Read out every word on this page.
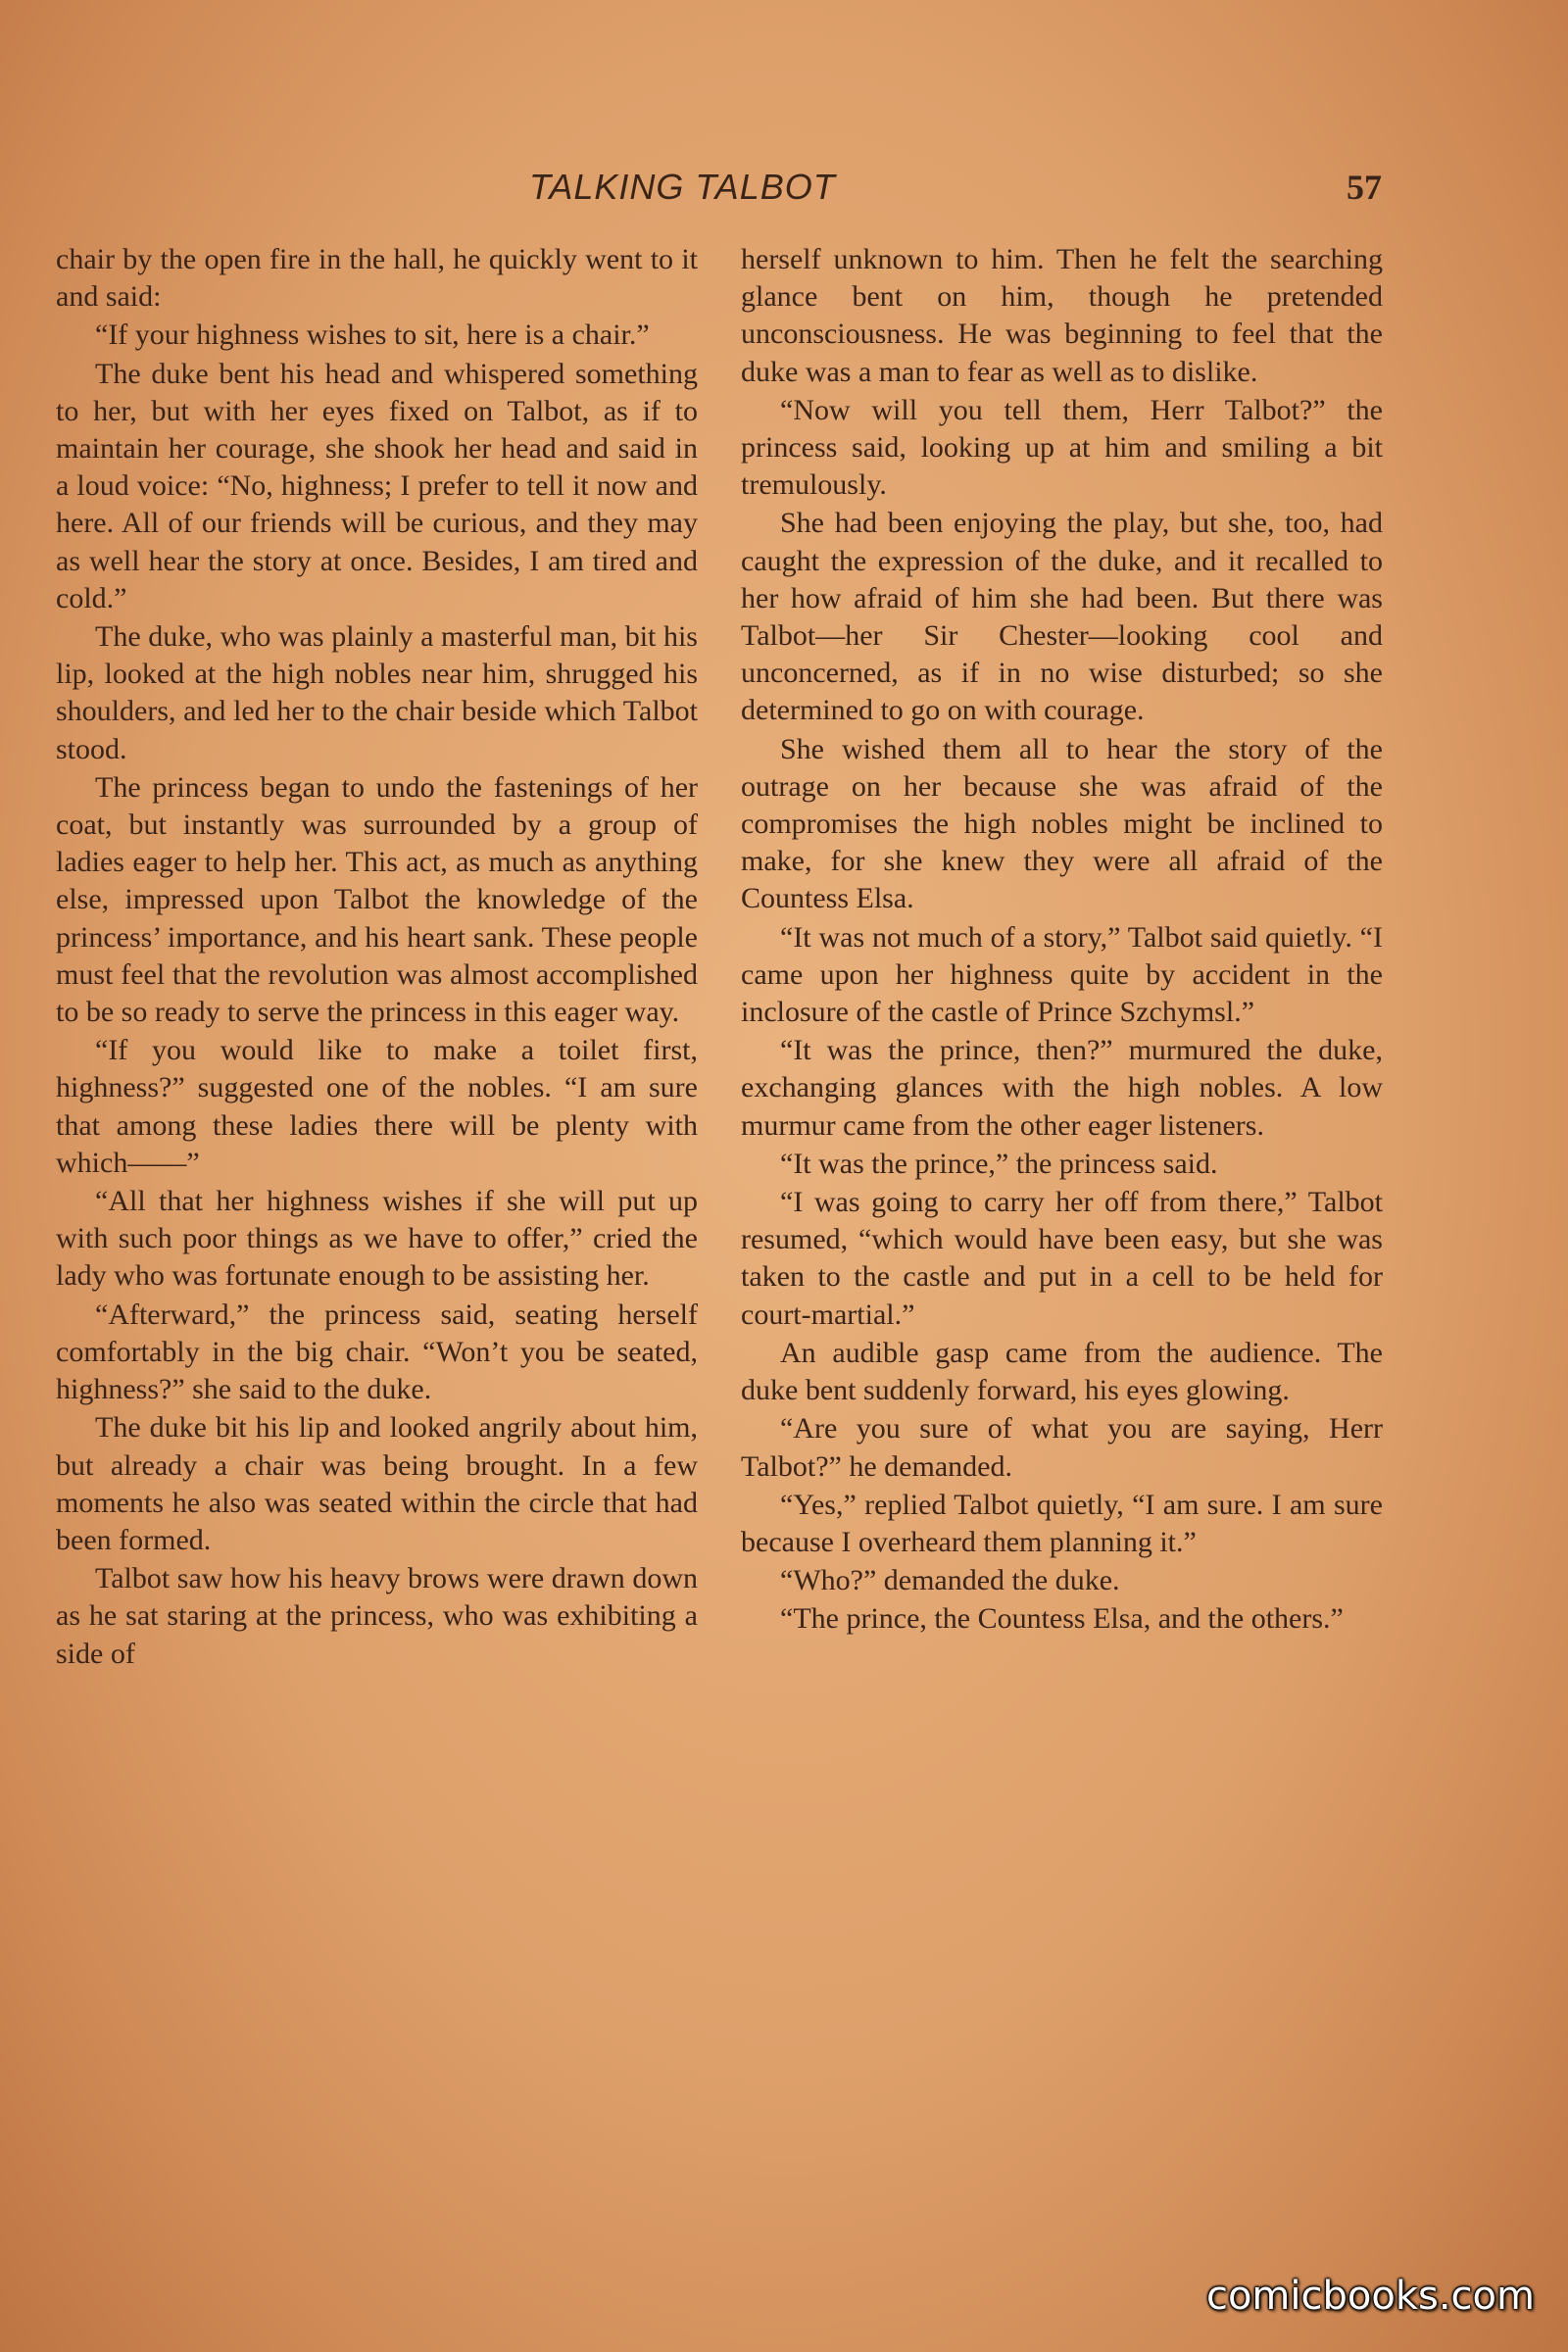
TALKING TALBOT	57

chair by the open fire in the hall, he quickly went to it and said:

“If your highness wishes to sit, here is a chair.”

The duke bent his head and whispered something to her, but with her eyes fixed on Talbot, as if to maintain her courage, she shook her head and said in a loud voice: “No, highness; I prefer to tell it now and here. All of our friends will be curious, and they may as well hear the story at once. Besides, I am tired and cold.”

The duke, who was plainly a masterful man, bit his lip, looked at the high nobles near him, shrugged his shoulders, and led her to the chair beside which Talbot stood.

The princess began to undo the fastenings of her coat, but instantly was surrounded by a group of ladies eager to help her. This act, as much as anything else, impressed upon Talbot the knowledge of the princess’ importance, and his heart sank. These people must feel that the revolution was almost accomplished to be so ready to serve the princess in this eager way.

“If you would like to make a toilet first, highness?” suggested one of the nobles. “I am sure that among these ladies there will be plenty with which——”

“All that her highness wishes if she will put up with such poor things as we have to offer,” cried the lady who was fortunate enough to be assisting her.

“Afterward,” the princess said, seating herself comfortably in the big chair. “Won’t you be seated, highness?” she said to the duke.

The duke bit his lip and looked angrily about him, but already a chair was being brought. In a few moments he also was seated within the circle that had been formed.

Talbot saw how his heavy brows were drawn down as he sat staring at the princess, who was exhibiting a side of

herself unknown to him. Then he felt the searching glance bent on him, though he pretended unconsciousness. He was beginning to feel that the duke was a man to fear as well as to dislike.

“Now will you tell them, Herr Talbot?” the princess said, looking up at him and smiling a bit tremulously.

She had been enjoying the play, but she, too, had caught the expression of the duke, and it recalled to her how afraid of him she had been. But there was Talbot—her Sir Chester—looking cool and unconcerned, as if in no wise disturbed; so she determined to go on with courage.

She wished them all to hear the story of the outrage on her because she was afraid of the compromises the high nobles might be inclined to make, for she knew they were all afraid of the Countess Elsa.

“It was not much of a story,” Talbot said quietly. “I came upon her highness quite by accident in the inclosure of the castle of Prince Szchymsl.”

“It was the prince, then?” murmured the duke, exchanging glances with the high nobles. A low murmur came from the other eager listeners.

“It was the prince,” the princess said.

“I was going to carry her off from there,” Talbot resumed, “which would have been easy, but she was taken to the castle and put in a cell to be held for court-martial.”

An audible gasp came from the audience. The duke bent suddenly forward, his eyes glowing.

“Are you sure of what you are saying, Herr Talbot?” he demanded.

“Yes,” replied Talbot quietly, “I am sure. I am sure because I overheard them planning it.”

“Who?” demanded the duke.

“The prince, the Countess Elsa, and the others.”

comicbooks.com
